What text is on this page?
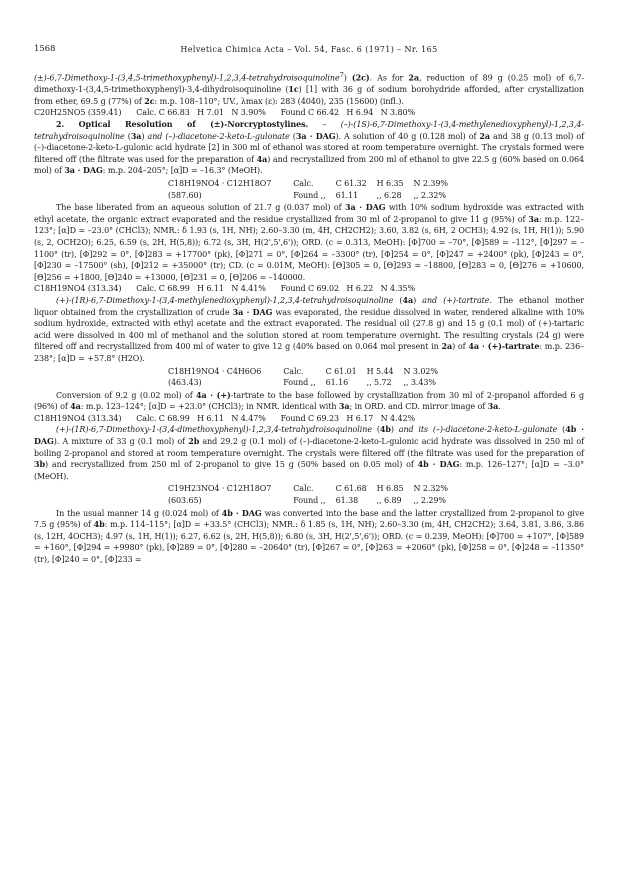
1568	Helvetica Chimica Acta – Vol. 54, Fasc. 6 (1971) – Nr. 165

(±)-6,7-Dimethoxy-1-(3,4,5-trimethoxyphenyl)-1,2,3,4-tetrahydroisoquinoline$^7$) (2c). As for 2a, reduction of 89 g (0.25 mol) of 6,7-dimethoxy-1-(3,4,5-trimethoxyphenyl)-3,4-dihydroisoquinoline (1c) [1] with 36 g of sodium borohydride afforded, after crystallization from ether, 69.5 g (77%) of 2c: m.p. 108–110°; UV., λmax (ε): 283 (4040), 235 (15600) (infl.).

C20H25NO5 (359.41)      Calc. C 66.83   H 7.01   N 3.90%      Found C 66.42   H 6.94   N 3.80%

2. Optical Resolution of (±)-Norcryptostylines. – (–)-(1S)-6,7-Dimethoxy-1-(3,4-methylenedioxyphenyl)-1,2,3,4-tetrahydroisoquinoline (3a) and (–)-diacetone-2-keto-L-gulonate (3a · DAG). A solution of 40 g (0.128 mol) of 2a and 38 g (0.13 mol) of (–)-diacetone-2-keto-L-gulonic acid hydrate [2] in 300 ml of ethanol was stored at room temperature overnight. The crystals formed were filtered off (the filtrate was used for the preparation of 4a) and recrystallized from 200 ml of ethanol to give 22.5 g (60% based on 0.064 mol) of 3a · DAG: m.p. 204–205°; [α]D = –16.3° (MeOH).

C18H19NO4 · C12H18O7	Calc.	C 61.32	H 6.35	N 2.39%
(587.60)	Found ,,	61.11	,, 6.28	,, 2.32%

The base liberated from an aqueous solution of 21.7 g (0.037 mol) of 3a · DAG with 10% sodium hydroxide was extracted with ethyl acetate, the organic extract evaporated and the residue crystallized from 30 ml of 2-propanol to give 11 g (95%) of 3a: m.p. 122–123°; [α]D = –23.0° (CHCl3); NMR.: δ 1.93 (s, 1H, NH); 2.60–3.30 (m, 4H, CH2CH2); 3.60, 3.82 (s, 6H, 2 OCH3); 4.92 (s, 1H, H(1)); 5.90 (s, 2, OCH2O); 6.25, 6.59 (s, 2H, H(5,8)); 6.72 (s, 3H, H(2',5',6')); ORD. (c = 0.313, MeOH): [Φ]700 = –70°, [Φ]589 = –112°, [Φ]297 = –1100° (tr), [Φ]292 = 0°, [Φ]283 = +17700° (pk), [Φ]271 = 0°, [Φ]264 = –3300° (tr), [Φ]254 = 0°, [Φ]247 = +2400° (pk), [Φ]243 = 0°, [Φ]230 = –17500° (sh), [Φ]212 = +35000° (tr); CD. (c = 0.01M, MeOH): [Θ]305 = 0, [Θ]293 = –18800, [Θ]283 = 0, [Θ]276 = +10600, [Θ]256 = +1800, [Θ]240 = +13000, [Θ]231 = 0, [Θ]206 = –140000.

C18H19NO4 (313.34)      Calc. C 68.99   H 6.11   N 4.41%      Found C 69.02   H 6.22   N 4.35%

(+)-(1R)-6,7-Dimethoxy-1-(3,4-methylenedioxyphenyl)-1,2,3,4-tetrahydroisoquinoline (4a) and (+)-tartrate. The ethanol mother liquor obtained from the crystallization of crude 3a · DAG was evaporated, the residue dissolved in water, rendered alkaline with 10% sodium hydroxide, extracted with ethyl acetate and the extract evaporated. The residual oil (27.8 g) and 15 g (0.1 mol) of (+)-tartaric acid were dissolved in 400 ml of methanol and the solution stored at room temperature overnight. The resulting crystals (24 g) were filtered off and recrystallized from 400 ml of water to give 12 g (40% based on 0.064 mol present in 2a) of 4a · (+)-tartrate: m.p. 236–238°; [α]D = +57.8° (H2O).

C18H19NO4 · C4H6O6	Calc.	C 61.01	H 5.44	N 3.02%
(463.43)	Found ,,	61.16	,, 5.72	,, 3.43%

Conversion of 9.2 g (0.02 mol) of 4a · (+)-tartrate to the base followed by crystallization from 30 ml of 2-propanol afforded 6 g (96%) of 4a: m.p. 123–124°; [α]D = +23.0° (CHCl3); in NMR. identical with 3a; in ORD. and CD. mirror image of 3a.

C18H19NO4 (313.34)      Calc. C 68.99   H 6.11   N 4.47%      Found C 69.23   H 6.17   N 4.42%

(+)-(1R)-6,7-Dimethoxy-1-(3,4-dimethoxyphenyl)-1,2,3,4-tetrahydroisoquinoline (4b) and its (–)-diacetone-2-keto-L-gulonate (4b · DAG). A mixture of 33 g (0.1 mol) of 2b and 29.2 g (0.1 mol) of (–)-diacetone-2-keto-L-gulonic acid hydrate was dissolved in 250 ml of boiling 2-propanol and stored at room temperature overnight. The crystals were filtered off (the filtrate was used for the preparation of 3b) and recrystallized from 250 ml of 2-propanol to give 15 g (50% based on 0.05 mol) of 4b · DAG: m.p. 126–127°; [α]D = –3.0° (MeOH).

C19H23NO4 · C12H18O7	Calc.	C 61.68	H 6.85	N 2.32%
(603.65)	Found ,,	61.38	,, 6.89	,, 2.29%

In the usual manner 14 g (0.024 mol) of 4b · DAG was converted into the base and the latter crystallized from 2-propanol to give 7.5 g (95%) of 4b: m.p. 114–115°; [α]D = +33.5° (CHCl3); NMR.: δ 1.85 (s, 1H, NH); 2.60–3.30 (m, 4H, CH2CH2); 3.64, 3.81, 3.86, 3.86 (s, 12H, 4OCH3); 4.97 (s, 1H, H(1)); 6.27, 6.62 (s, 2H, H(5,8)); 6.80 (s, 3H, H(2',5',6')); ORD. (c = 0.239, MeOH): [Φ]700 = +107°, [Φ]589 = +160°, [Φ]294 = +9980° (pk), [Φ]289 = 0°, [Φ]280 = –20640° (tr), [Φ]267 = 0°, [Φ]263 = +2060° (pk), [Φ]258 = 0°, [Φ]248 = –11350° (tr), [Φ]240 = 0°, [Φ]233 =
